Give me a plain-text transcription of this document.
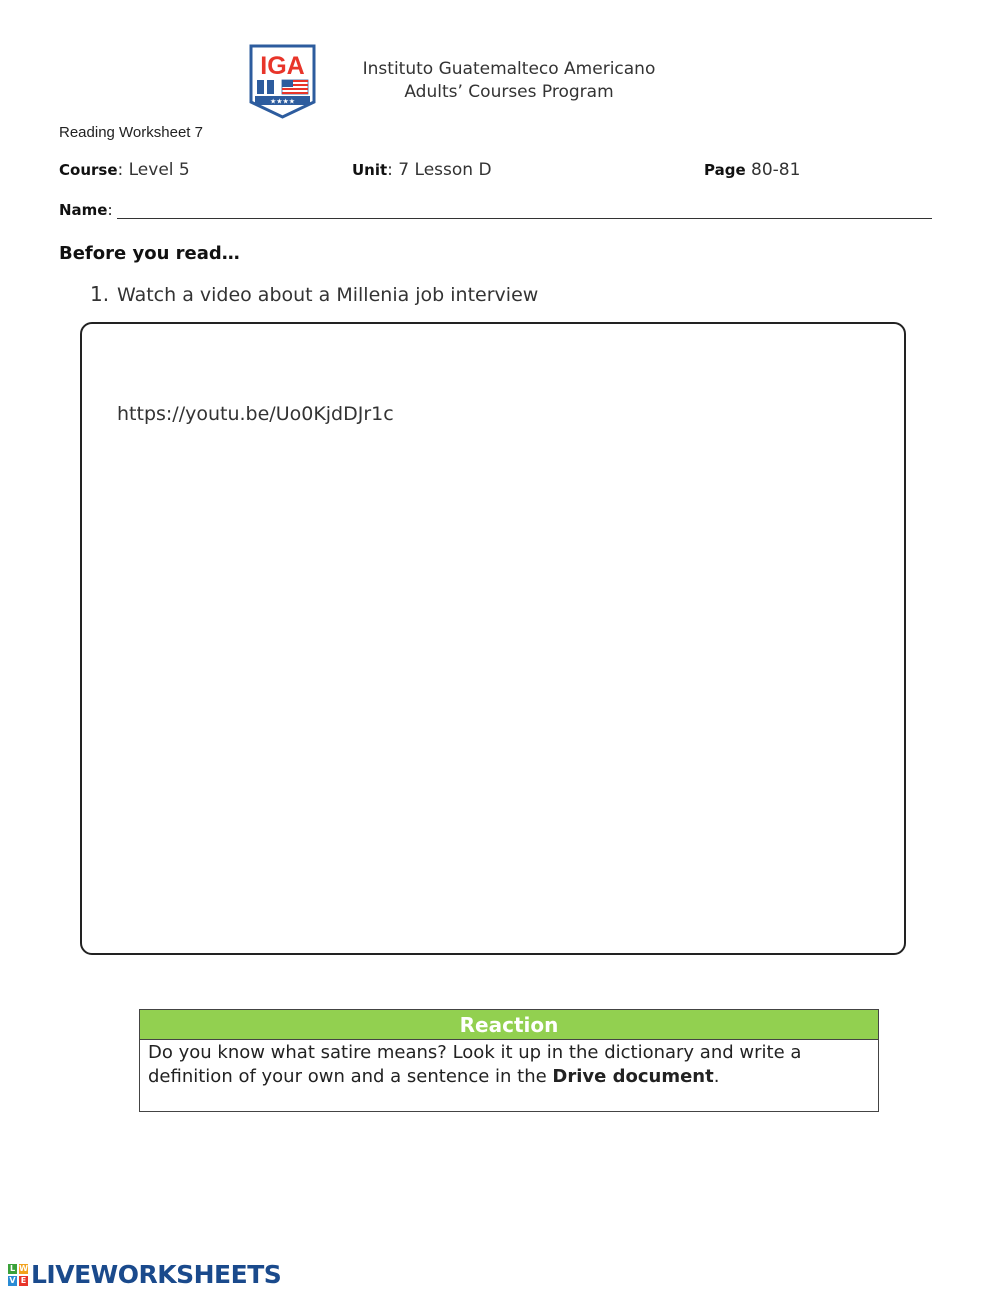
IGA
★★★★
Instituto Guatemalteco Americano
Adults’ Courses Program
Reading Worksheet 7
Course: Level 5	Unit: 7 Lesson D	Page 80-81
Name :
Before you read…
1. Watch a video about a Millenia job interview
https://youtu.be/Uo0KjdDJr1c
Reaction
Do you know what satire means? Look it up in the dictionary and write a definition of your own and a sentence in the Drive document.
L W
V E LIVEWORKSHEETS
